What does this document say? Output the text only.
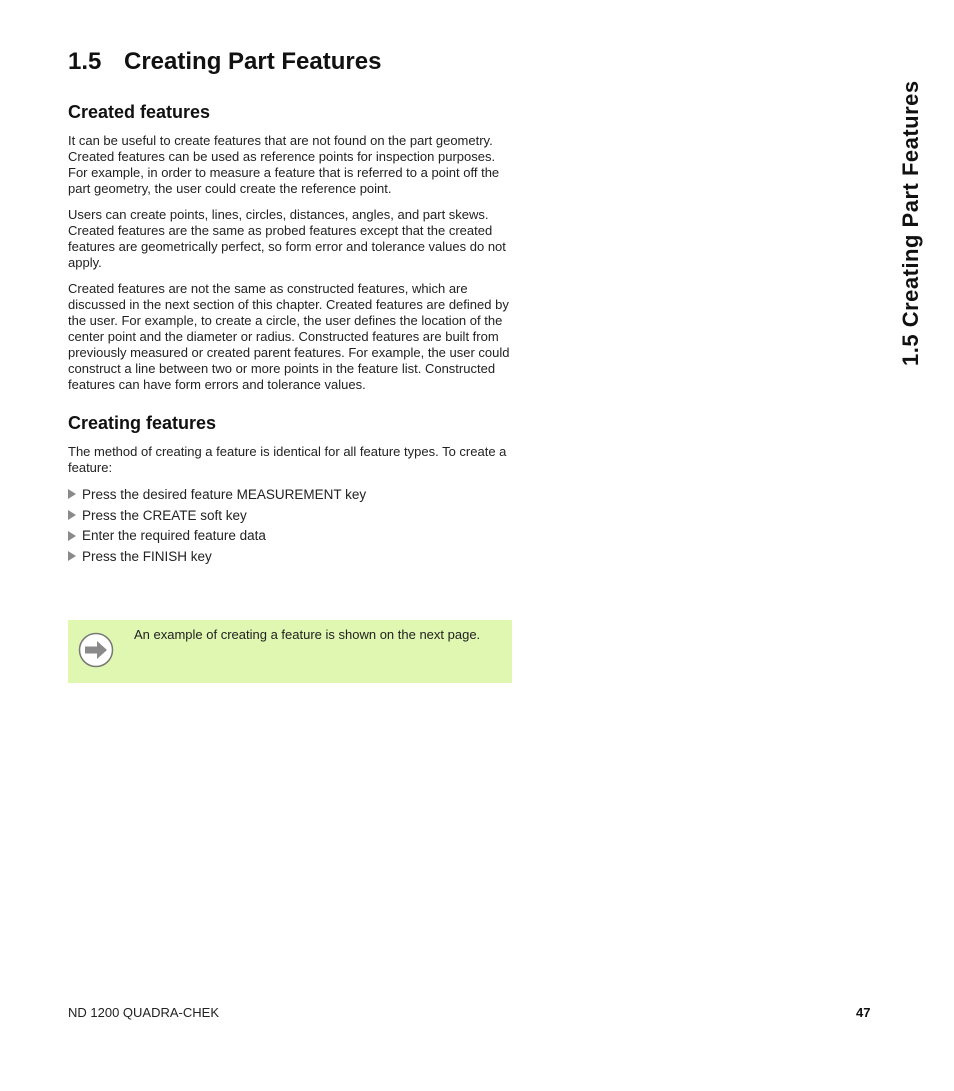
1.5 Creating Part Features
Created features

It can be useful to create features that are not found on the part geometry. Created features can be used as reference points for inspection purposes. For example, in order to measure a feature that is referred to a point off the part geometry, the user could create the reference point.

Users can create points, lines, circles, distances, angles, and part skews. Created features are the same as probed features except that the created features are geometrically perfect, so form error and tolerance values do not apply.

Created features are not the same as constructed features, which are discussed in the next section of this chapter. Created features are defined by the user. For example, to create a circle, the user defines the location of the center point and the diameter or radius. Constructed features are built from previously measured or created parent features. For example, the user could construct a line between two or more points in the feature list. Constructed features can have form errors and tolerance values.

Creating features

The method of creating a feature is identical for all feature types. To create a feature:

Press the desired feature MEASUREMENT key
Press the CREATE soft key
Enter the required feature data
Press the FINISH key
An example of creating a feature is shown on the next page.
1.5 Creating Part Features
ND 1200 QUADRA-CHEK	47
